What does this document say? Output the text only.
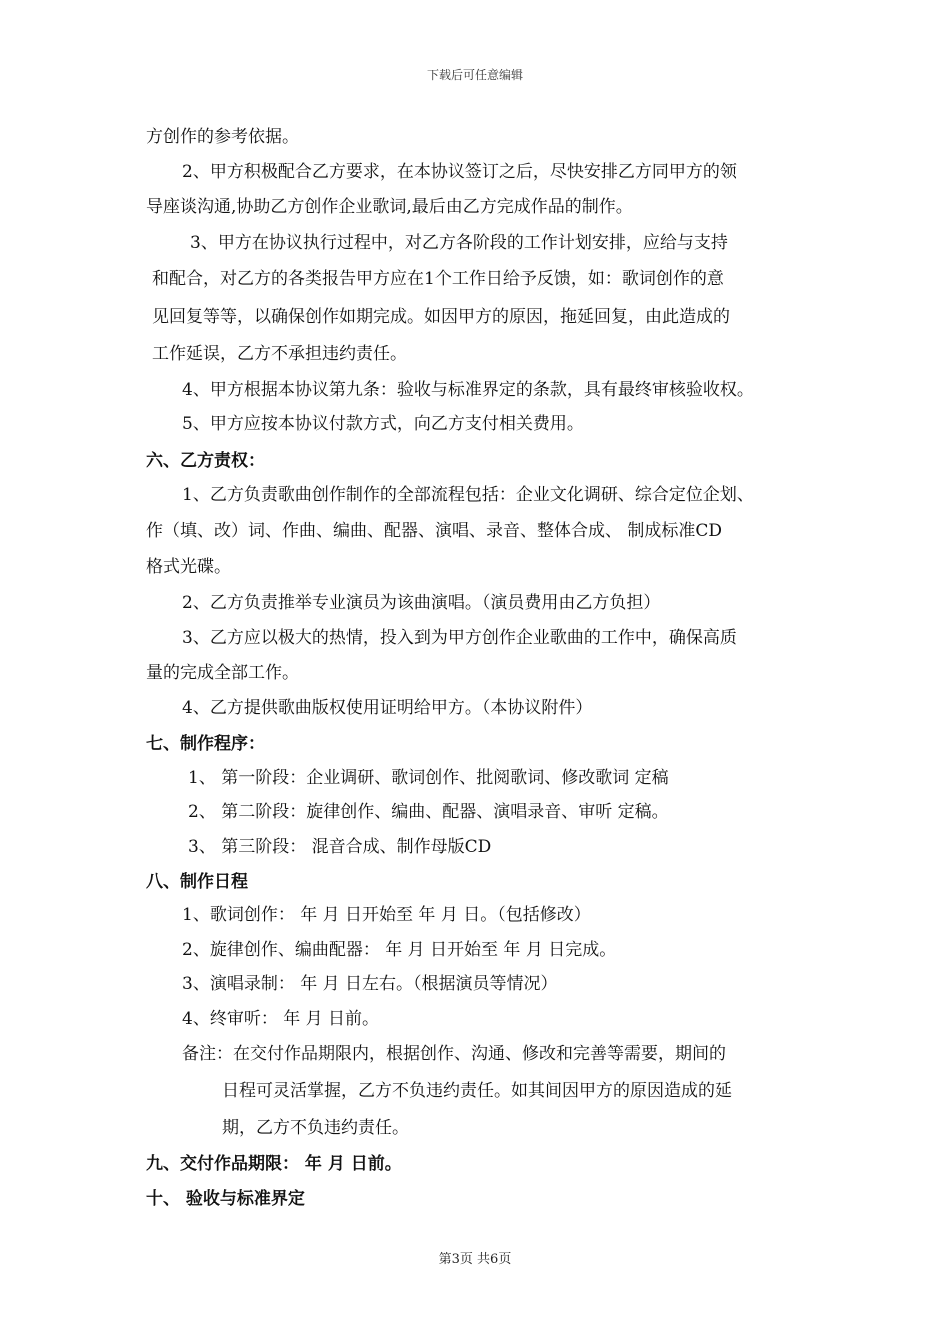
下载后可任意编辑
方创作的参考依据。
2、甲方积极配合乙方要求，在本协议签订之后，尽快安排乙方同甲方的领
导座谈沟通,协助乙方创作企业歌词,最后由乙方完成作品的制作。
3、甲方在协议执行过程中，对乙方各阶段的工作计划安排，应给与支持
和配合，对乙方的各类报告甲方应在1个工作日给予反馈，如：歌词创作的意
见回复等等，以确保创作如期完成。如因甲方的原因，拖延回复，由此造成的
工作延误，乙方不承担违约责任。
4、甲方根据本协议第九条：验收与标准界定的条款，具有最终审核验收权。
5、甲方应按本协议付款方式，向乙方支付相关费用。
六、乙方责权：
1、乙方负责歌曲创作制作的全部流程包括：企业文化调研、综合定位企划、
作（填、改）词、作曲、编曲、配器、演唱、录音、整体合成、 制成标准CD
格式光碟。
2、乙方负责推举专业演员为该曲演唱。（演员费用由乙方负担）
3、乙方应以极大的热情，投入到为甲方创作企业歌曲的工作中，确保高质
量的完成全部工作。
4、乙方提供歌曲版权使用证明给甲方。（本协议附件）
七、制作程序：
1、 第一阶段：企业调研、歌词创作、批阅歌词、修改歌词 定稿
2、 第二阶段：旋律创作、编曲、配器、演唱录音、审听 定稿。
3、 第三阶段： 混音合成、制作母版CD
八、制作日程
1、歌词创作： 年 月 日开始至 年 月 日。（包括修改）
2、旋律创作、编曲配器： 年 月 日开始至 年 月 日完成。
3、演唱录制： 年 月 日左右。（根据演员等情况）
4、终审听： 年 月 日前。
备注：在交付作品期限内，根据创作、沟通、修改和完善等需要，期间的
日程可灵活掌握，乙方不负违约责任。如其间因甲方的原因造成的延
期，乙方不负违约责任。
九、交付作品期限： 年 月 日前。
十、 验收与标准界定
第3页 共6页
